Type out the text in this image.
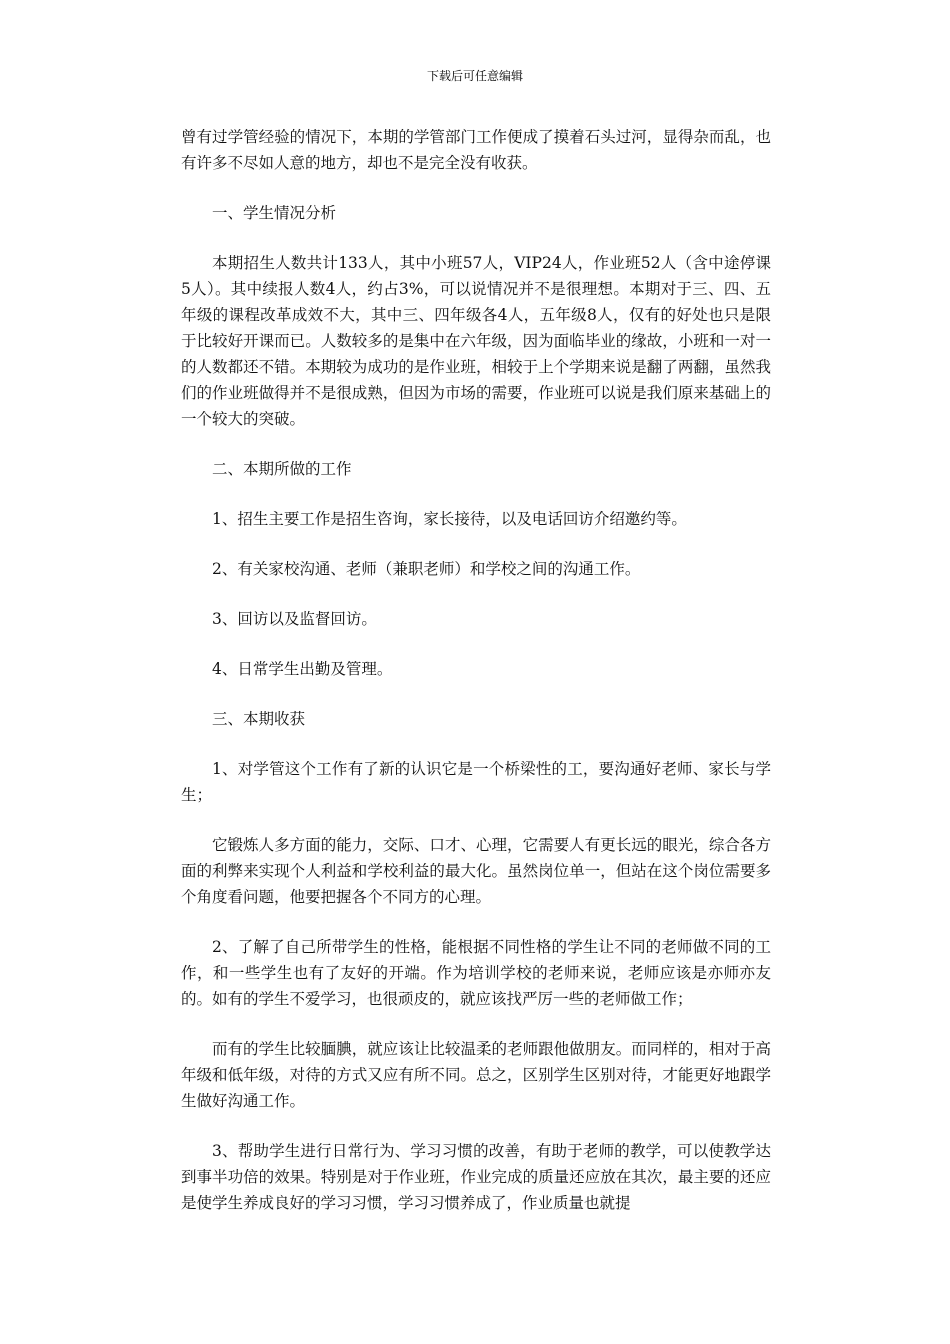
下载后可任意编辑

曾有过学管经验的情况下，本期的学管部门工作便成了摸着石头过河，显得杂而乱，也有许多不尽如人意的地方，却也不是完全没有收获。

一、学生情况分析

本期招生人数共计133人，其中小班57人，VIP24人，作业班52人（含中途停课5人）。其中续报人数4人，约占3%，可以说情况并不是很理想。本期对于三、四、五年级的课程改革成效不大，其中三、四年级各4人，五年级8人，仅有的好处也只是限于比较好开课而已。人数较多的是集中在六年级，因为面临毕业的缘故，小班和一对一的人数都还不错。本期较为成功的是作业班，相较于上个学期来说是翻了两翻，虽然我们的作业班做得并不是很成熟，但因为市场的需要，作业班可以说是我们原来基础上的一个较大的突破。

二、本期所做的工作

1、招生主要工作是招生咨询，家长接待，以及电话回访介绍邀约等。

2、有关家校沟通、老师（兼职老师）和学校之间的沟通工作。

3、回访以及监督回访。

4、日常学生出勤及管理。

三、本期收获

1、对学管这个工作有了新的认识它是一个桥梁性的工，要沟通好老师、家长与学生；

它锻炼人多方面的能力，交际、口才、心理，它需要人有更长远的眼光，综合各方面的利弊来实现个人利益和学校利益的最大化。虽然岗位单一，但站在这个岗位需要多个角度看问题，他要把握各个不同方的心理。

2、了解了自己所带学生的性格，能根据不同性格的学生让不同的老师做不同的工作，和一些学生也有了友好的开端。作为培训学校的老师来说，老师应该是亦师亦友的。如有的学生不爱学习，也很顽皮的，就应该找严厉一些的老师做工作；

而有的学生比较腼腆，就应该让比较温柔的老师跟他做朋友。而同样的，相对于高年级和低年级，对待的方式又应有所不同。总之，区别学生区别对待，才能更好地跟学生做好沟通工作。

3、帮助学生进行日常行为、学习习惯的改善，有助于老师的教学，可以使教学达到事半功倍的效果。特别是对于作业班，作业完成的质量还应放在其次，最主要的还应是使学生养成良好的学习习惯，学习习惯养成了，作业质量也就提
